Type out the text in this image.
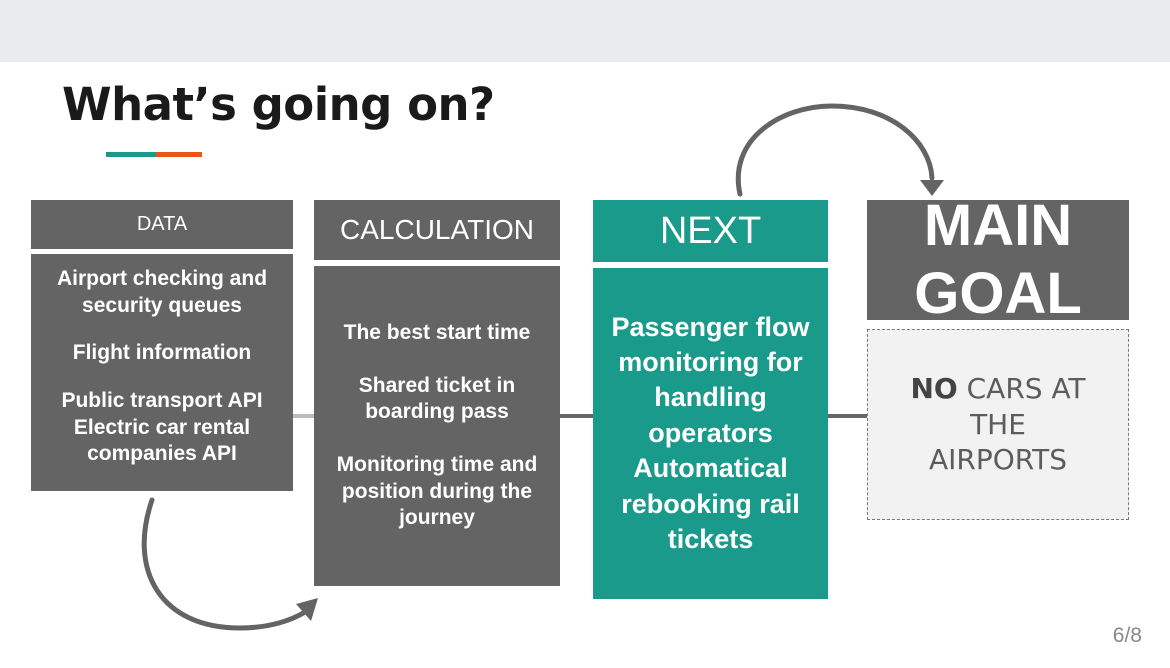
What’s going on?
DATA
Airport checking and security queues
Flight information
Public transport API
Electric car rental companies API
CALCULATION
The best start time
Shared ticket in boarding pass
Monitoring time and position during the journey
NEXT
Passenger flow monitoring for handling operators Automatical rebooking rail tickets
MAIN GOAL
NO CARS AT THE AIRPORTS
6/8
